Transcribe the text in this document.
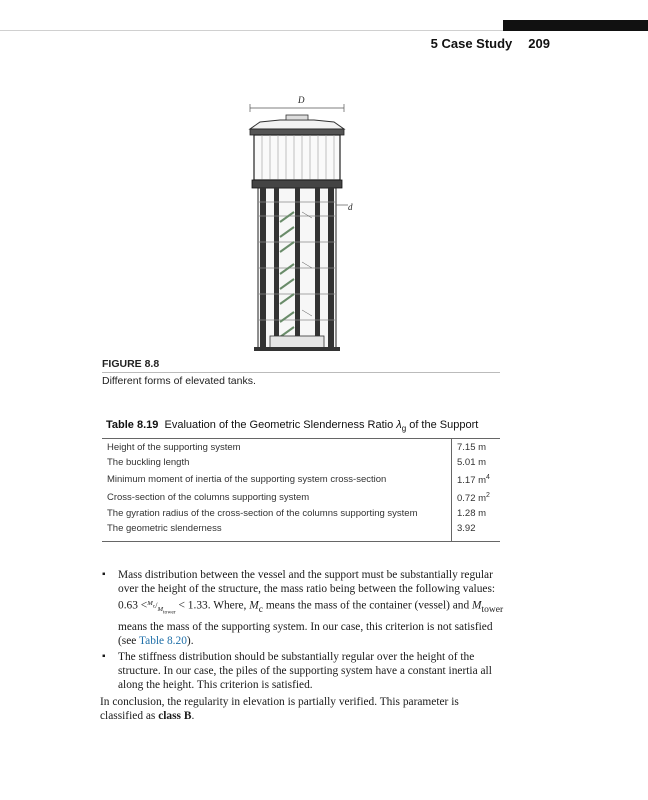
5 Case Study 209
D
d
FIGURE 8.8
Different forms of elevated tanks.
Table 8.19 Evaluation of the Geometric Slenderness Ratio $\lambda_g$ of the Support
Height of the supporting system	7.15 m
The buckling length	5.01 m
Minimum moment of inertia of the supporting system cross-section	1.17 $m^4$
Cross-section of the columns supporting system	0.72 $m^2$
The gyration radius of the cross-section of the columns supporting system	1.28 m
The geometric slenderness	3.92
▪ Mass distribution between the vessel and the support must be substantially regular over the height of the structure, the mass ratio being between the following values: $0.63 <^{M_c}/_{M_{tower}} < 1.33$. Where, $M_c$ means the mass of the container (vessel) and $M_{tower}$ means the mass of the supporting system. In our case, this criterion is not satisfied (see Table 8.20).
▪ The stiffness distribution should be substantially regular over the height of the structure. In our case, the piles of the supporting system have a constant inertia all along the height. This criterion is satisfied.

In conclusion, the regularity in elevation is partially verified. This parameter is classified as class B.
